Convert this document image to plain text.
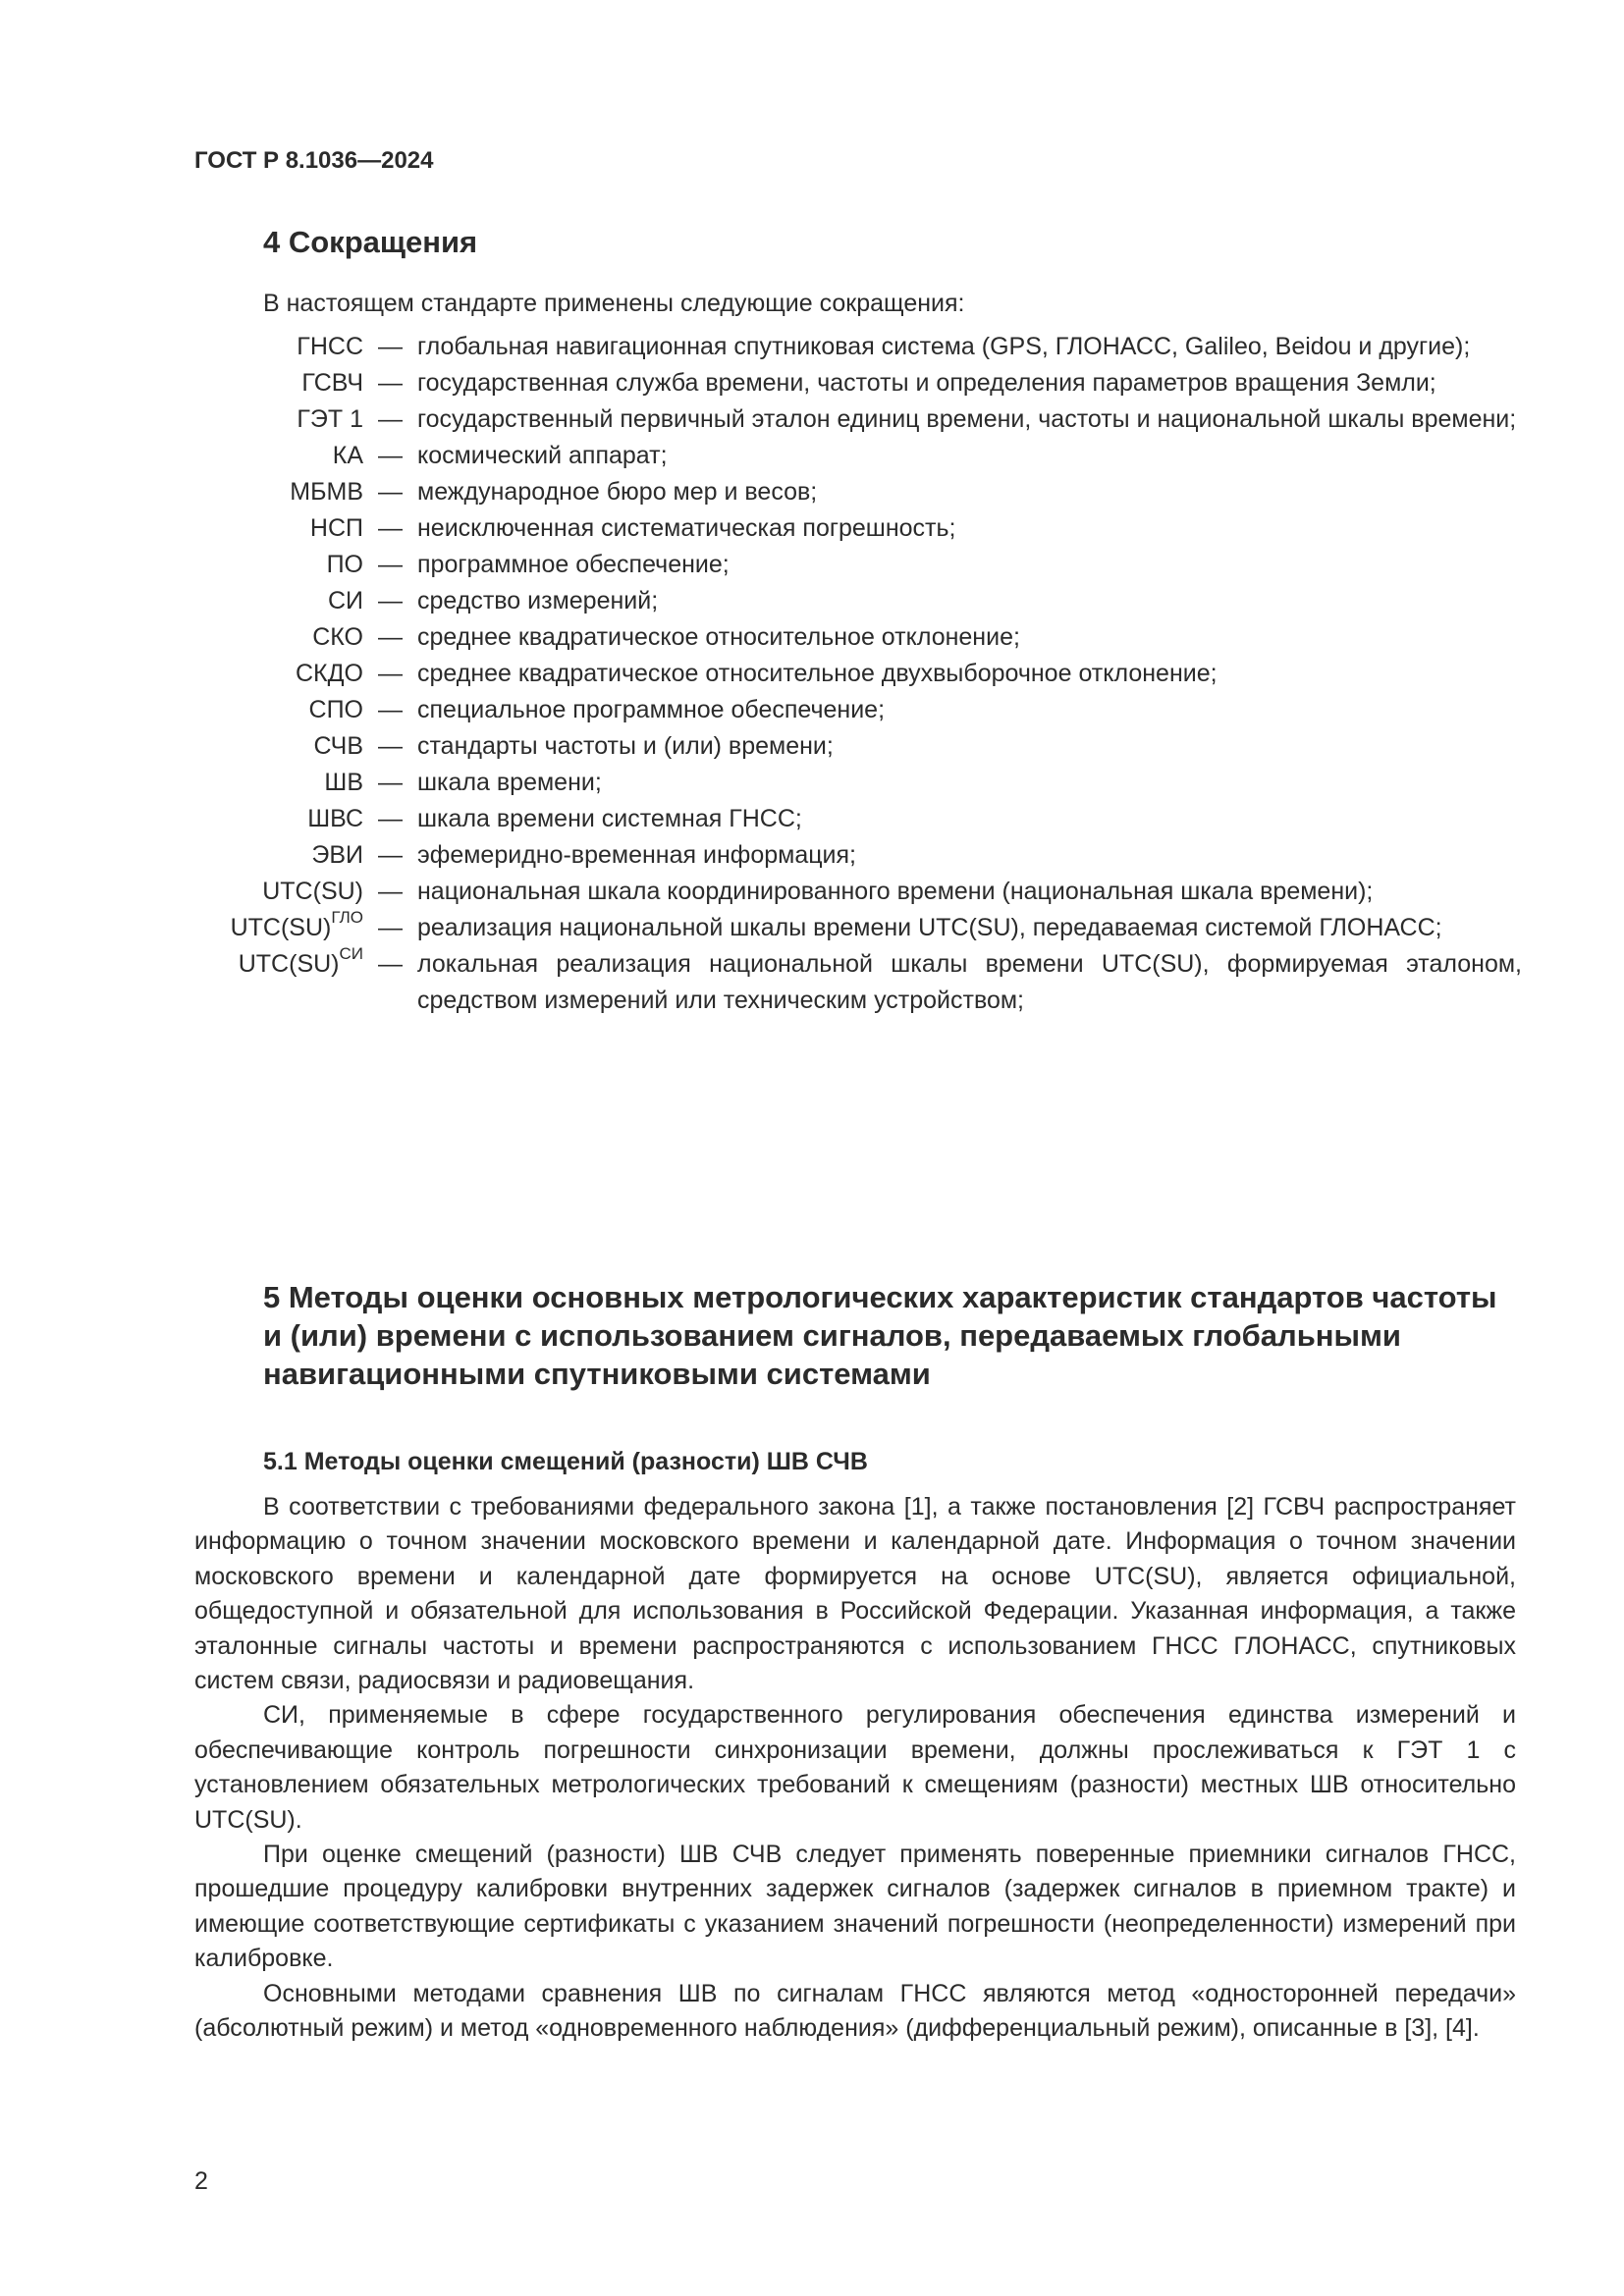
ГОСТ Р 8.1036—2024
4 Сокращения
В настоящем стандарте применены следующие сокращения:
ГНСС — глобальная навигационная спутниковая система (GPS, ГЛОНАСС, Galileo, Beidou и другие);
ГСВЧ — государственная служба времени, частоты и определения параметров вращения Земли;
ГЭТ 1 — государственный первичный эталон единиц времени, частоты и национальной шкалы времени;
КА — космический аппарат;
МБМВ — международное бюро мер и весов;
НСП — неисключенная систематическая погрешность;
ПО — программное обеспечение;
СИ — средство измерений;
СКО — среднее квадратическое относительное отклонение;
СКДО — среднее квадратическое относительное двухвыборочное отклонение;
СПО — специальное программное обеспечение;
СЧВ — стандарты частоты и (или) времени;
ШВ — шкала времени;
ШВС — шкала времени системная ГНСС;
ЭВИ — эфемеридно-временная информация;
UTC(SU) — национальная шкала координированного времени (национальная шкала времени);
UTC(SU)$^{ГЛО}$ — реализация национальной шкалы времени UTC(SU), передаваемая системой ГЛОНАСС;
UTC(SU)$^{СИ}$ — локальная реализация национальной шкалы времени UTC(SU), формируемая эталоном, средством измерений или техническим устройством;
5 Методы оценки основных метрологических характеристик стандартов частоты и (или) времени с использованием сигналов, передаваемых глобальными навигационными спутниковыми системами
5.1 Методы оценки смещений (разности) ШВ СЧВ

В соответствии с требованиями федерального закона [1], а также постановления [2] ГСВЧ распространяет информацию о точном значении московского времени и календарной дате. Информация о точном значении московского времени и календарной дате формируется на основе UTC(SU), является официальной, общедоступной и обязательной для использования в Российской Федерации. Указанная информация, а также эталонные сигналы частоты и времени распространяются с использованием ГНСС ГЛОНАСС, спутниковых систем связи, радиосвязи и радиовещания.

СИ, применяемые в сфере государственного регулирования обеспечения единства измерений и обеспечивающие контроль погрешности синхронизации времени, должны прослеживаться к ГЭТ 1 с установлением обязательных метрологических требований к смещениям (разности) местных ШВ относительно UTC(SU).

При оценке смещений (разности) ШВ СЧВ следует применять поверенные приемники сигналов ГНСС, прошедшие процедуру калибровки внутренних задержек сигналов (задержек сигналов в приемном тракте) и имеющие соответствующие сертификаты с указанием значений погрешности (неопределенности) измерений при калибровке.

Основными методами сравнения ШВ по сигналам ГНСС являются метод «односторонней передачи» (абсолютный режим) и метод «одновременного наблюдения» (дифференциальный режим), описанные в [3], [4].

2
